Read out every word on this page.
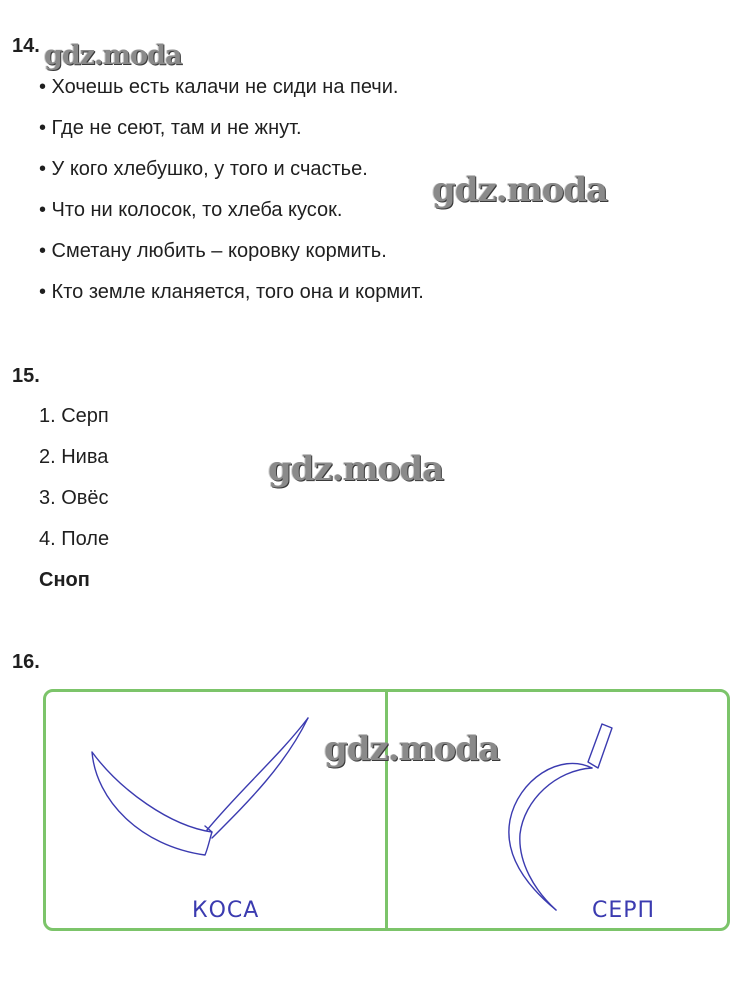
14.
• Хочешь есть калачи не сиди на печи.
• Где не сеют, там и не жнут.
• У кого хлебушко, у того и счастье.
• Что ни колосок, то хлеба кусок.
• Сметану любить – коровку кормить.
• Кто земле кланяется, того она и кормит.
15.
1. Серп
2. Нива
3. Овёс
4. Поле
Сноп
16.
КОСА	СЕРП
gdz.moda
gdz.moda
gdz.moda
gdz.moda
